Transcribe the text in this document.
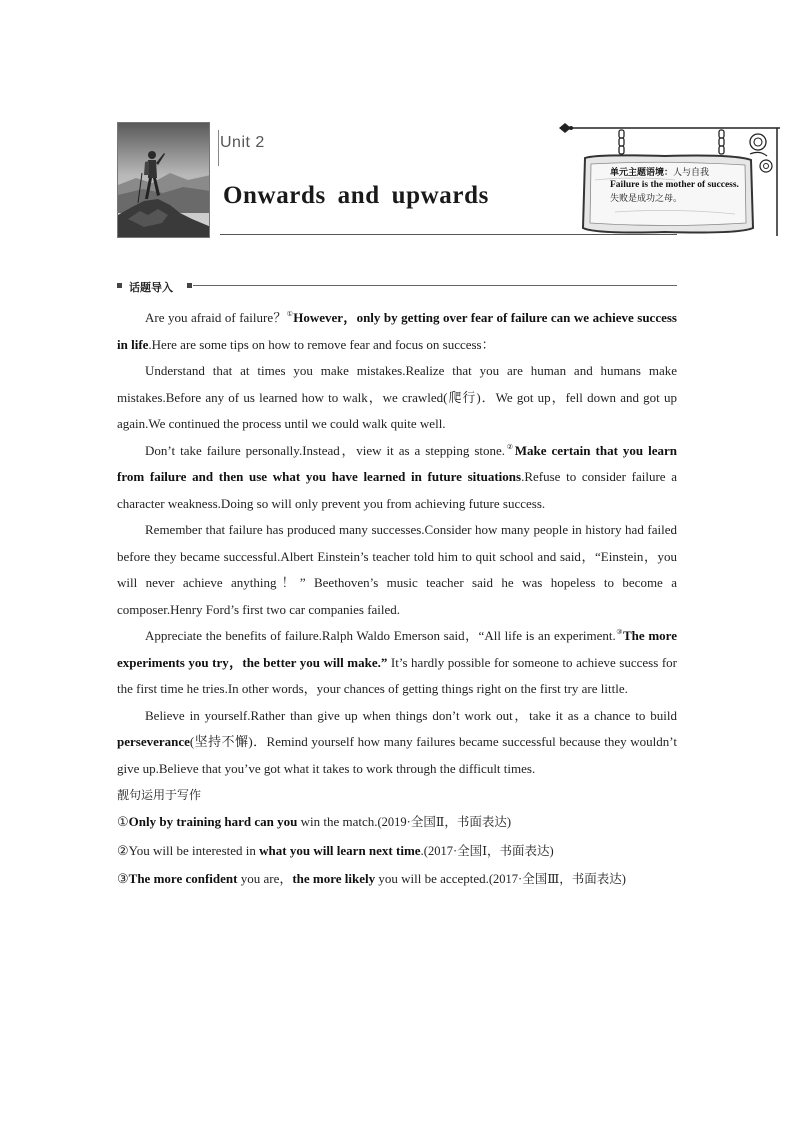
Unit 2
Onwards and upwards
单元主题语境：人与自我
Failure is the mother of success.
失败是成功之母。
话题导入

Are you afraid of failure？①However，only by getting over fear of failure can we achieve success in life.Here are some tips on how to remove fear and focus on success：

Understand that at times you make mistakes.Realize that you are human and humans make mistakes.Before any of us learned how to walk，we crawled(爬行)．We got up，fell down and got up again.We continued the process until we could walk quite well.

Don’t take failure personally.Instead，view it as a stepping stone.②Make certain that you learn from failure and then use what you have learned in future situations.Refuse to consider failure a character weakness.Doing so will only prevent you from achieving future success.

Remember that failure has produced many successes.Consider how many people in history had failed before they became successful.Albert Einstein’s teacher told him to quit school and said，“Einstein，you will never achieve anything！” Beethoven’s music teacher said he was hopeless to become a composer.Henry Ford’s first two car companies failed.

Appreciate the benefits of failure.Ralph Waldo Emerson said，“All life is an experiment.③The more experiments you try，the better you will make.” It’s hardly possible for someone to achieve success for the first time he tries.In other words，your chances of getting things right on the first try are little.

Believe in yourself.Rather than give up when things don’t work out，take it as a chance to build perseverance(坚持不懈)．Remind yourself how many failures became successful because they wouldn’t give up.Believe that you’ve got what it takes to work through the difficult times.

靓句运用于写作
①Only by training hard can you win the match.(2019·全国Ⅱ，书面表达)
②You will be interested in what you will learn next time.(2017·全国Ⅰ，书面表达)
③The more confident you are，the more likely you will be accepted.(2017·全国Ⅲ，书面表达)
